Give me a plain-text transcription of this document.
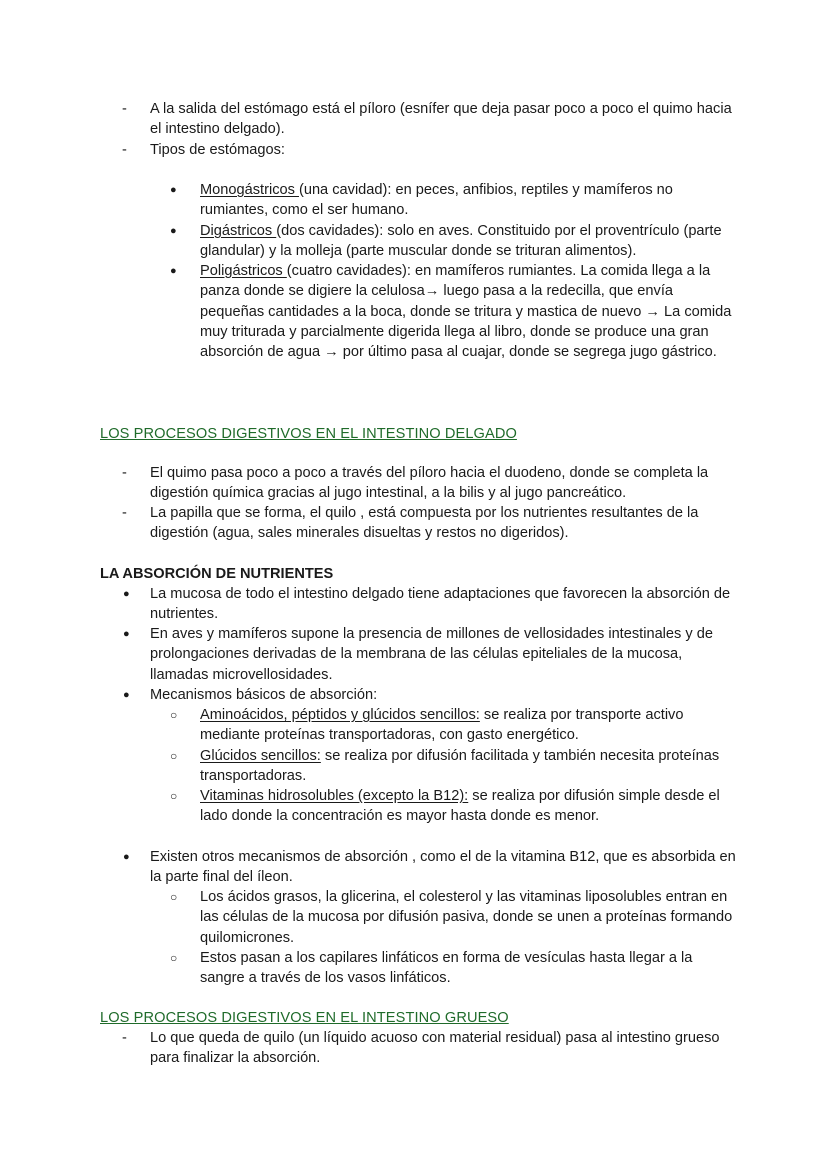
-	A la salida del estómago está el píloro (esnífer que deja pasar poco a poco el quimo hacia el intestino delgado).
-	Tipos de estómagos:
● Monogástricos (una cavidad): en peces, anfibios, reptiles y mamíferos no rumiantes, como el ser humano.
● Digástricos (dos cavidades): solo en aves. Constituido por el proventrículo (parte glandular) y la molleja (parte muscular donde se trituran alimentos).
● Poligástricos (cuatro cavidades): en mamíferos rumiantes. La comida llega a la panza donde se digiere la celulosa→ luego pasa a la redecilla, que envía pequeñas cantidades a la boca, donde se tritura y mastica de nuevo → La comida muy triturada y parcialmente digerida llega al libro, donde se produce una gran absorción de agua → por último pasa al cuajar, donde se segrega jugo gástrico.
LOS PROCESOS DIGESTIVOS EN EL INTESTINO DELGADO
-	El quimo pasa poco a poco a través del píloro hacia el duodeno, donde se completa la digestión química gracias al jugo intestinal, a la bilis y al jugo pancreático.
-	La papilla que se forma, el quilo , está compuesta por los nutrientes resultantes de la digestión (agua, sales minerales disueltas y restos no digeridos).
LA ABSORCIÓN DE NUTRIENTES
● La mucosa de todo el intestino delgado tiene adaptaciones que favorecen la absorción de nutrientes.
● En aves y mamíferos supone la presencia de millones de vellosidades intestinales y de prolongaciones derivadas de la membrana de las células epiteliales de la mucosa, llamadas microvellosidades.
● Mecanismos básicos de absorción:
○	Aminoácidos, péptidos y glúcidos sencillos: se realiza por transporte activo mediante proteínas transportadoras, con gasto energético.
○	Glúcidos sencillos: se realiza por difusión facilitada y también necesita proteínas transportadoras.
○	Vitaminas hidrosolubles (excepto la B12): se realiza por difusión simple desde el lado donde la concentración es mayor hasta donde es menor.
● Existen otros mecanismos de absorción , como el de la vitamina B12, que es absorbida en la parte final del íleon.
○	Los ácidos grasos, la glicerina, el colesterol y las vitaminas liposolubles entran en las células de la mucosa por difusión pasiva, donde se unen a proteínas formando quilomicrones.
○	Estos pasan a los capilares linfáticos en forma de vesículas hasta llegar a la sangre a través de los vasos linfáticos.
LOS PROCESOS DIGESTIVOS EN EL INTESTINO GRUESO
-	Lo que queda de quilo (un líquido acuoso con material residual) pasa al intestino grueso para finalizar la absorción.
